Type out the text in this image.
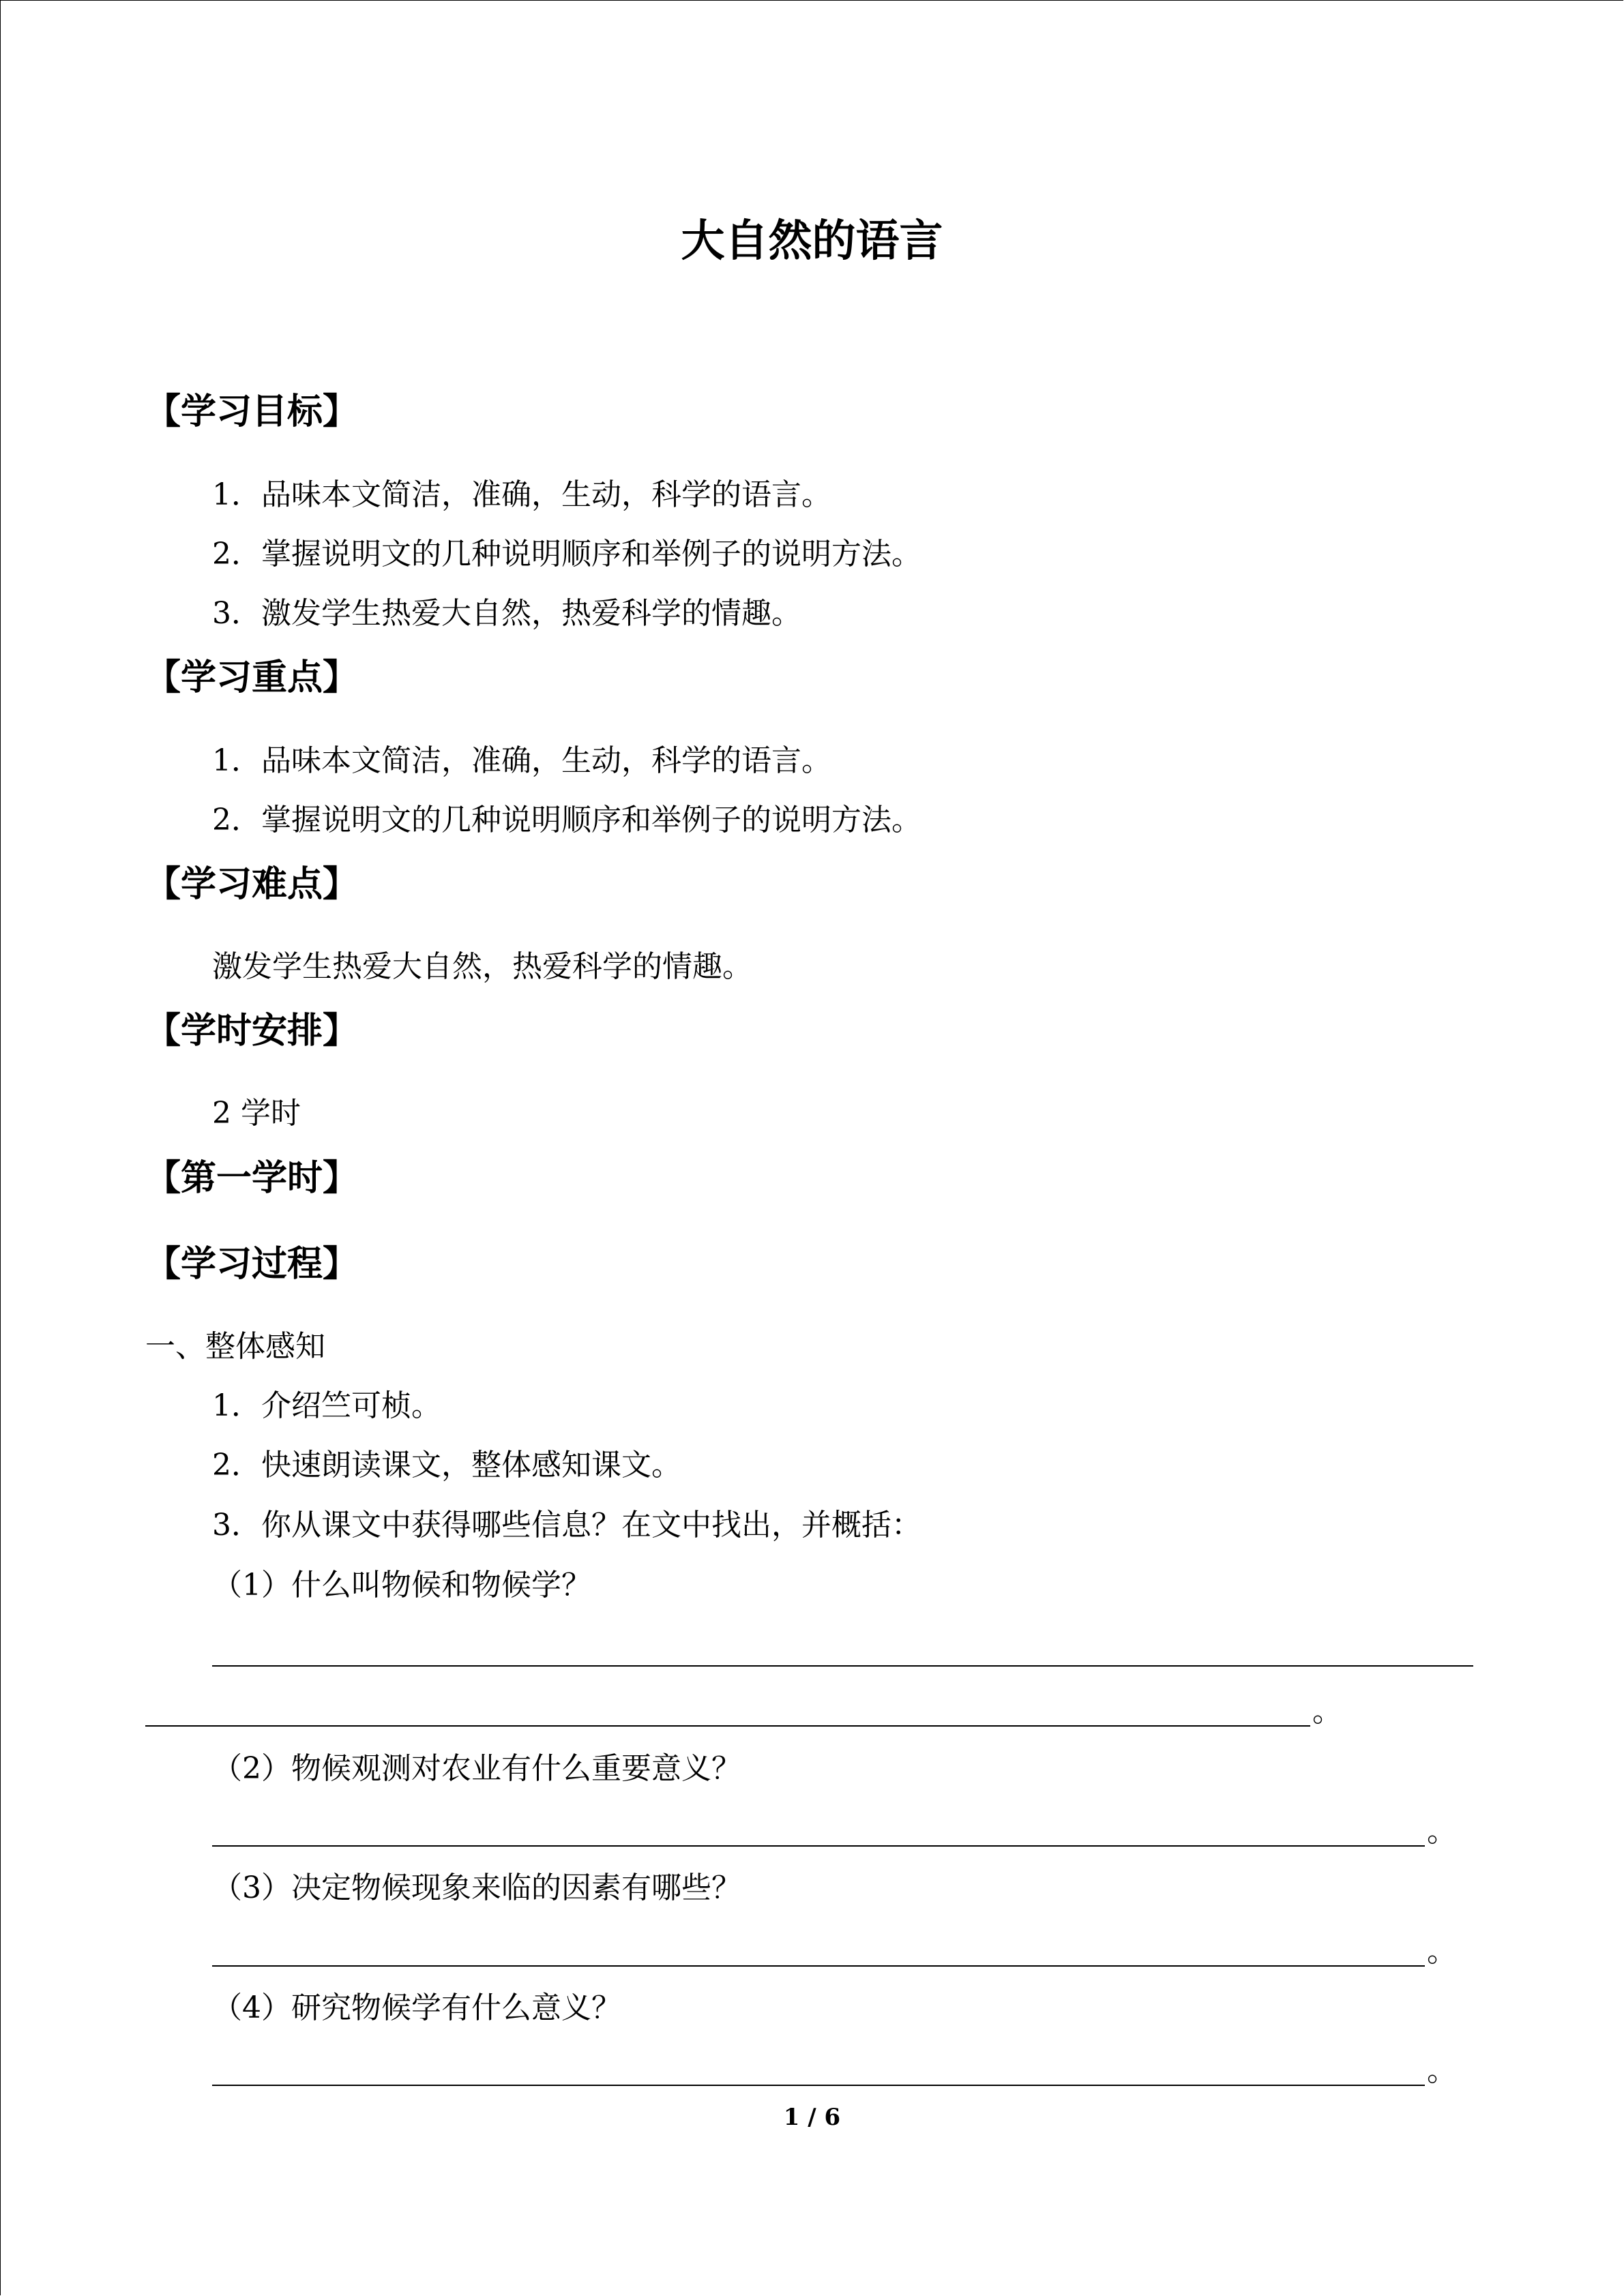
大自然的语言
【学习目标】
1．品味本文简洁，准确，生动，科学的语言。
2．掌握说明文的几种说明顺序和举例子的说明方法。
3．激发学生热爱大自然，热爱科学的情趣。
【学习重点】
1．品味本文简洁，准确，生动，科学的语言。
2．掌握说明文的几种说明顺序和举例子的说明方法。
【学习难点】
激发学生热爱大自然，热爱科学的情趣。
【学时安排】
2 学时
【第一学时】
【学习过程】
一、整体感知
1．介绍竺可桢。
2．快速朗读课文，整体感知课文。
3．你从课文中获得哪些信息？在文中找出，并概括：
（1）什么叫物候和物候学？
。
（2）物候观测对农业有什么重要意义？
。
（3）决定物候现象来临的因素有哪些？
。
（4）研究物候学有什么意义？
。
1 / 6
